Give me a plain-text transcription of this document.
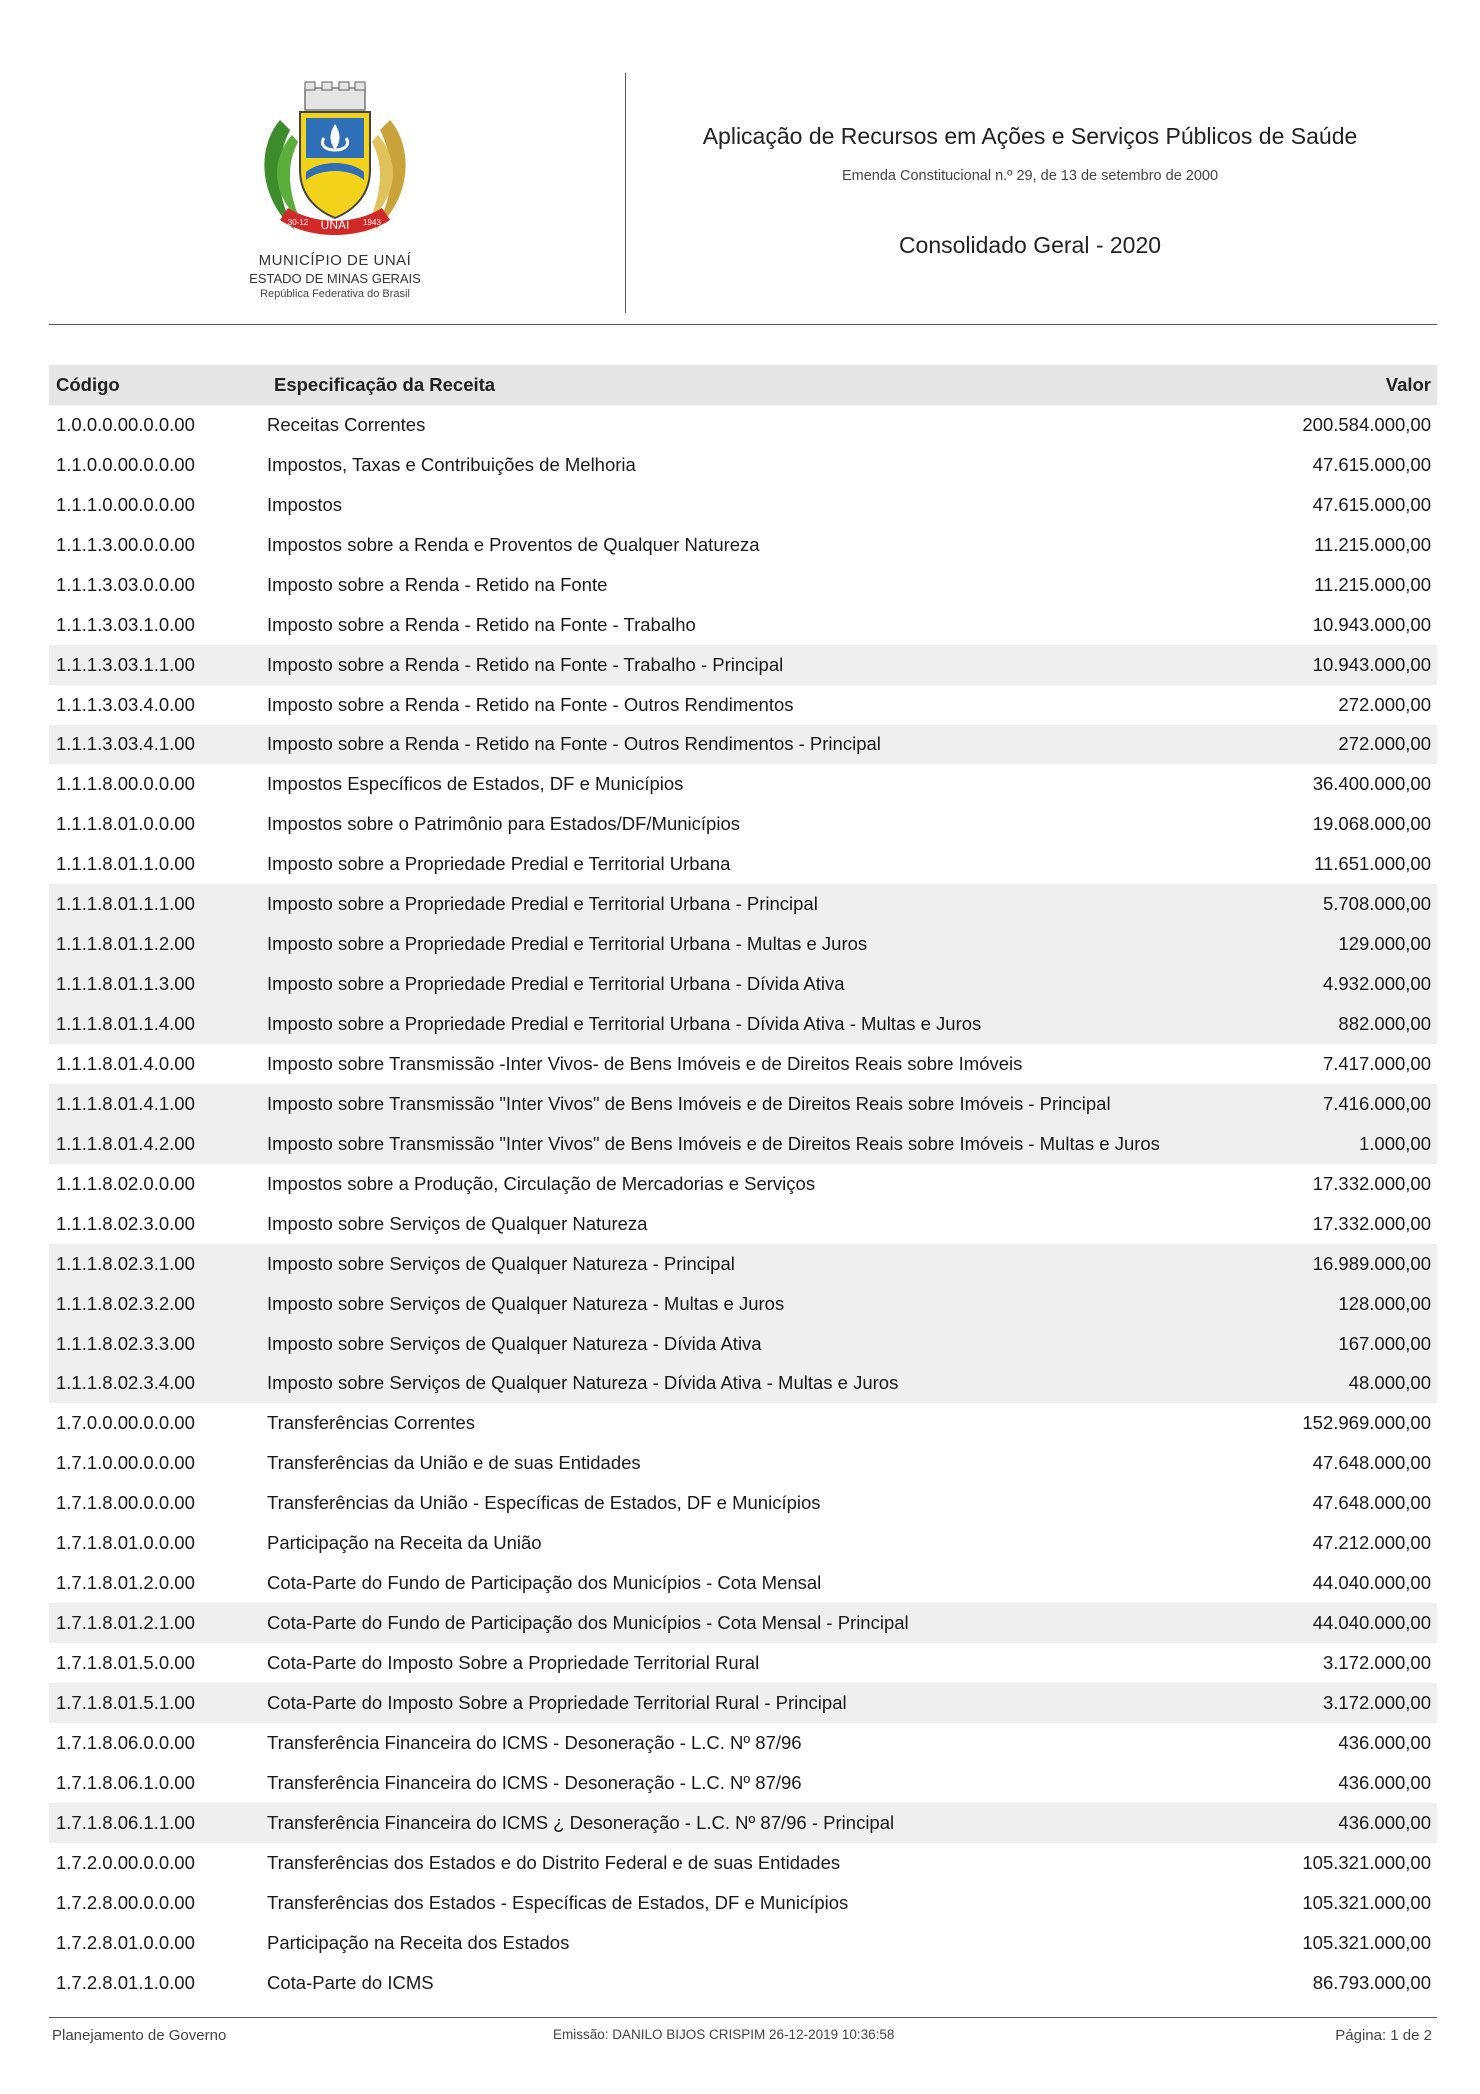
UNAÍ
30-12	1943
MUNICÍPIO DE UNAÍ
ESTADO DE MINAS GERAIS
República Federativa do Brasil
Aplicação de Recursos em Ações e Serviços Públicos de Saúde
Emenda Constitucional n.º 29, de 13 de setembro de 2000
Consolidado Geral - 2020
Código	Especificação da Receita	Valor
1.0.0.0.00.0.0.00	Receitas Correntes	200.584.000,00
1.1.0.0.00.0.0.00	Impostos, Taxas e Contribuições de Melhoria	47.615.000,00
1.1.1.0.00.0.0.00	Impostos	47.615.000,00
1.1.1.3.00.0.0.00	Impostos sobre a Renda e Proventos de Qualquer Natureza	11.215.000,00
1.1.1.3.03.0.0.00	Imposto sobre a Renda - Retido na Fonte	11.215.000,00
1.1.1.3.03.1.0.00	Imposto sobre a Renda - Retido na Fonte - Trabalho	10.943.000,00
1.1.1.3.03.1.1.00	Imposto sobre a Renda - Retido na Fonte - Trabalho - Principal	10.943.000,00
1.1.1.3.03.4.0.00	Imposto sobre a Renda - Retido na Fonte - Outros Rendimentos	272.000,00
1.1.1.3.03.4.1.00	Imposto sobre a Renda - Retido na Fonte - Outros Rendimentos - Principal	272.000,00
1.1.1.8.00.0.0.00	Impostos Específicos de Estados, DF e Municípios	36.400.000,00
1.1.1.8.01.0.0.00	Impostos sobre o Patrimônio para Estados/DF/Municípios	19.068.000,00
1.1.1.8.01.1.0.00	Imposto sobre a Propriedade Predial e Territorial Urbana	11.651.000,00
1.1.1.8.01.1.1.00	Imposto sobre a Propriedade Predial e Territorial Urbana - Principal	5.708.000,00
1.1.1.8.01.1.2.00	Imposto sobre a Propriedade Predial e Territorial Urbana - Multas e Juros	129.000,00
1.1.1.8.01.1.3.00	Imposto sobre a Propriedade Predial e Territorial Urbana - Dívida Ativa	4.932.000,00
1.1.1.8.01.1.4.00	Imposto sobre a Propriedade Predial e Territorial Urbana - Dívida Ativa - Multas e Juros	882.000,00
1.1.1.8.01.4.0.00	Imposto sobre Transmissão -Inter Vivos- de Bens Imóveis e de Direitos Reais sobre Imóveis	7.417.000,00
1.1.1.8.01.4.1.00	Imposto sobre Transmissão "Inter Vivos" de Bens Imóveis e de Direitos Reais sobre Imóveis - Principal	7.416.000,00
1.1.1.8.01.4.2.00	Imposto sobre Transmissão "Inter Vivos" de Bens Imóveis e de Direitos Reais sobre Imóveis - Multas e Juros	1.000,00
1.1.1.8.02.0.0.00	Impostos sobre a Produção, Circulação de Mercadorias e Serviços	17.332.000,00
1.1.1.8.02.3.0.00	Imposto sobre Serviços de Qualquer Natureza	17.332.000,00
1.1.1.8.02.3.1.00	Imposto sobre Serviços de Qualquer Natureza - Principal	16.989.000,00
1.1.1.8.02.3.2.00	Imposto sobre Serviços de Qualquer Natureza - Multas e Juros	128.000,00
1.1.1.8.02.3.3.00	Imposto sobre Serviços de Qualquer Natureza - Dívida Ativa	167.000,00
1.1.1.8.02.3.4.00	Imposto sobre Serviços de Qualquer Natureza - Dívida Ativa - Multas e Juros	48.000,00
1.7.0.0.00.0.0.00	Transferências Correntes	152.969.000,00
1.7.1.0.00.0.0.00	Transferências da União e de suas Entidades	47.648.000,00
1.7.1.8.00.0.0.00	Transferências da União - Específicas de Estados, DF e Municípios	47.648.000,00
1.7.1.8.01.0.0.00	Participação na Receita da União	47.212.000,00
1.7.1.8.01.2.0.00	Cota-Parte do Fundo de Participação dos Municípios - Cota Mensal	44.040.000,00
1.7.1.8.01.2.1.00	Cota-Parte do Fundo de Participação dos Municípios - Cota Mensal - Principal	44.040.000,00
1.7.1.8.01.5.0.00	Cota-Parte do Imposto Sobre a Propriedade Territorial Rural	3.172.000,00
1.7.1.8.01.5.1.00	Cota-Parte do Imposto Sobre a Propriedade Territorial Rural - Principal	3.172.000,00
1.7.1.8.06.0.0.00	Transferência Financeira do ICMS - Desoneração - L.C. Nº 87/96	436.000,00
1.7.1.8.06.1.0.00	Transferência Financeira do ICMS - Desoneração - L.C. Nº 87/96	436.000,00
1.7.1.8.06.1.1.00	Transferência Financeira do ICMS ¿ Desoneração - L.C. Nº 87/96 - Principal	436.000,00
1.7.2.0.00.0.0.00	Transferências dos Estados e do Distrito Federal e de suas Entidades	105.321.000,00
1.7.2.8.00.0.0.00	Transferências dos Estados - Específicas de Estados, DF e Municípios	105.321.000,00
1.7.2.8.01.0.0.00	Participação na Receita dos Estados	105.321.000,00
1.7.2.8.01.1.0.00	Cota-Parte do ICMS	86.793.000,00
Planejamento de Governo	Emissão: DANILO BIJOS CRISPIM 26-12-2019 10:36:58	Página: 1 de 2
